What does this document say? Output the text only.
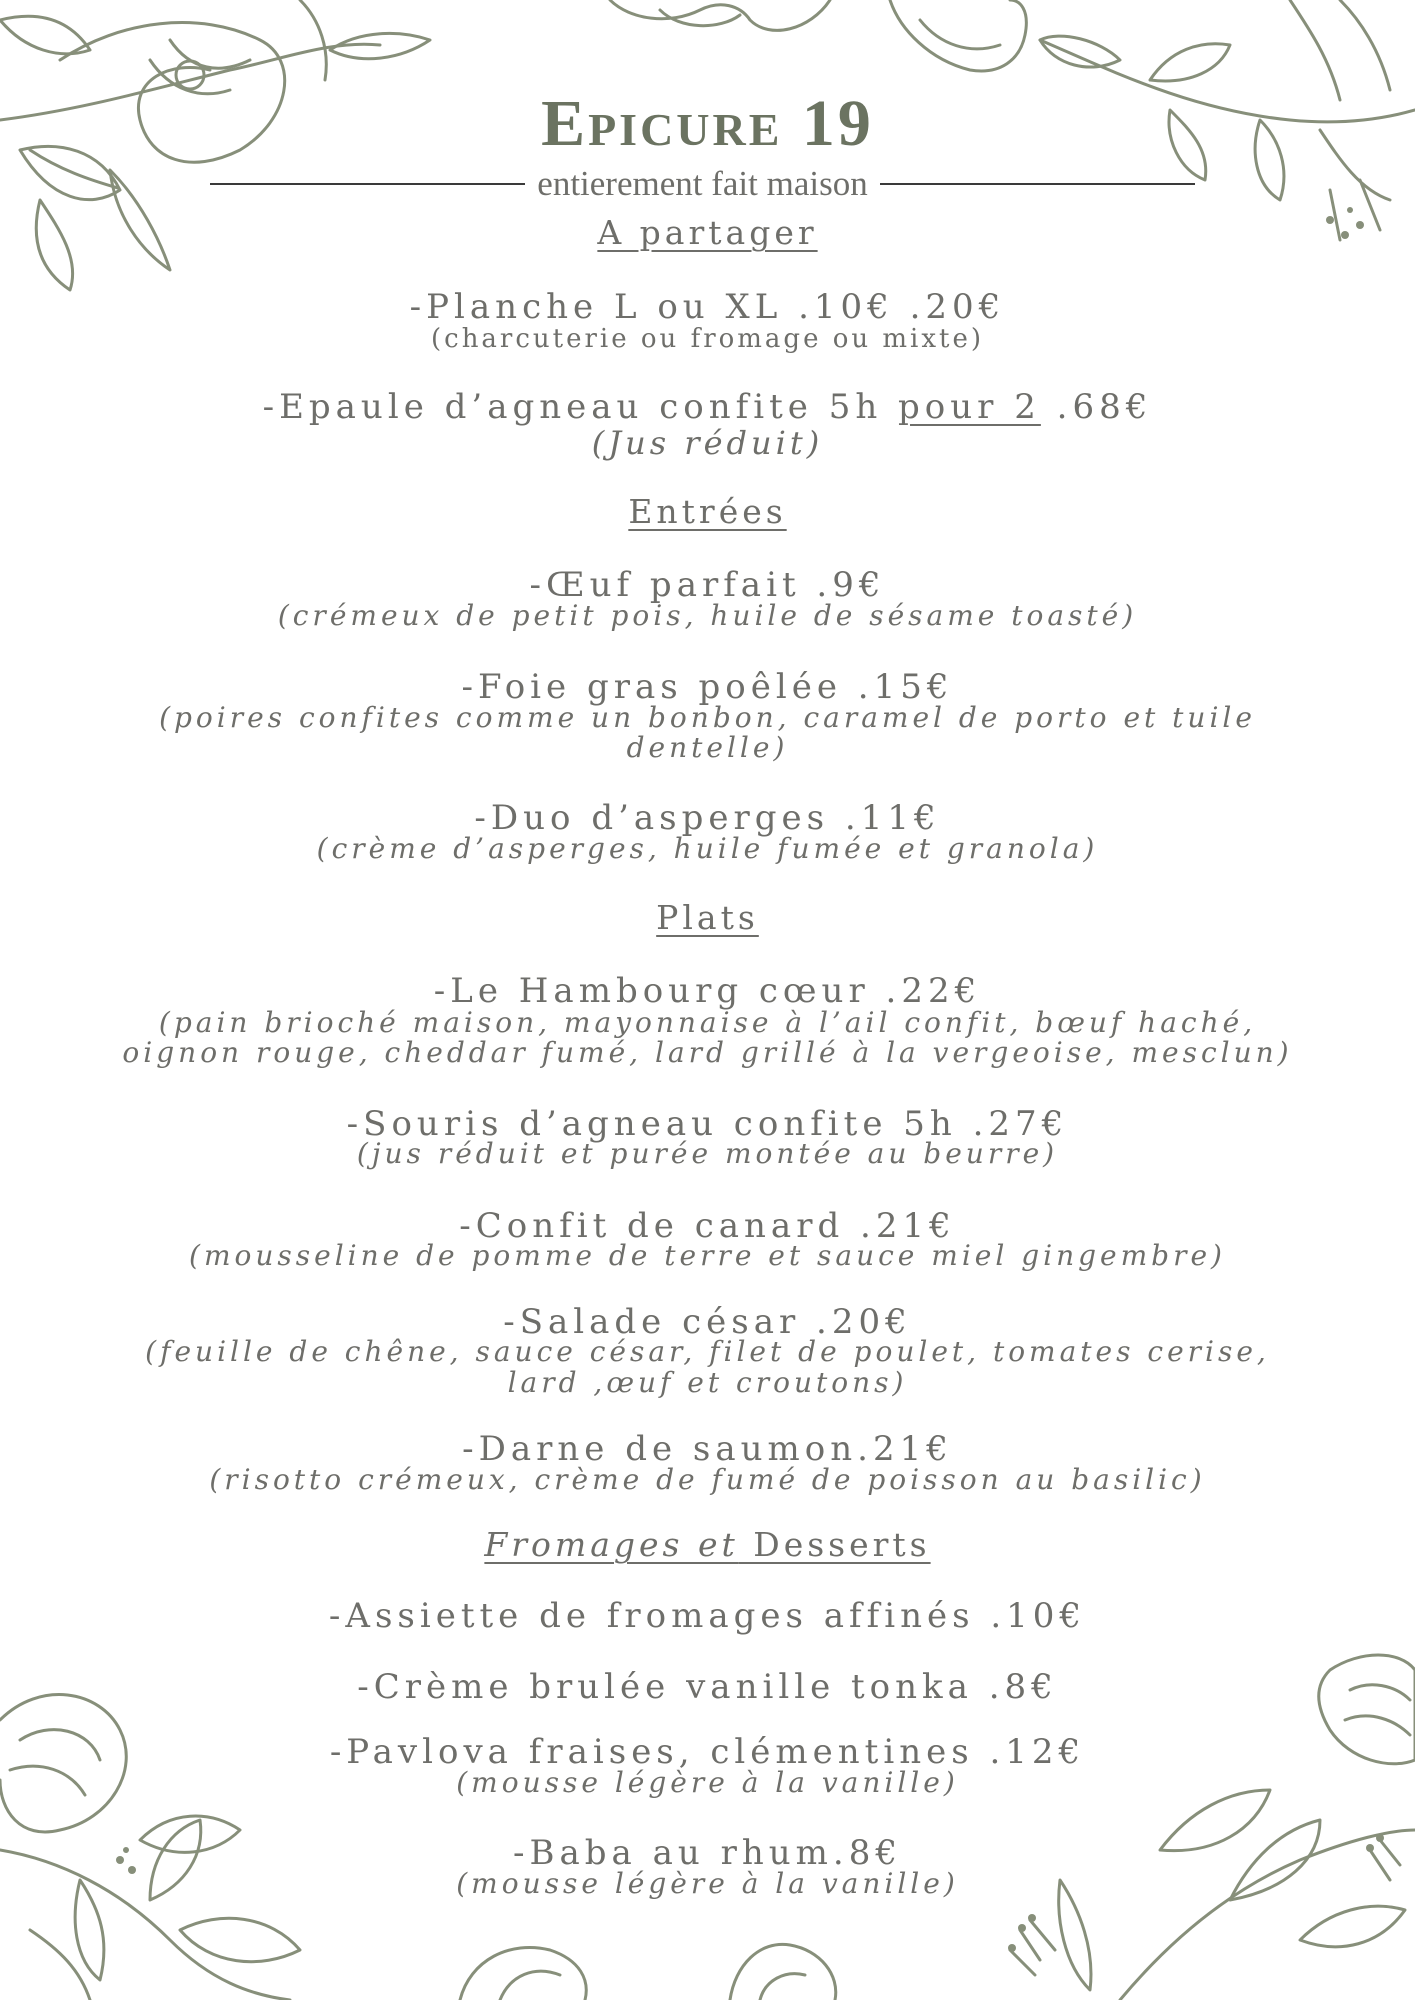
Epicure 19
entierement fait maison
A partager
-Planche L ou XL .10€ .20€
(charcuterie ou fromage ou mixte)
-Epaule d’agneau confite 5h pour 2 .68€
(Jus réduit)
Entrées
-Œuf parfait .9€
(crémeux de petit pois, huile de sésame toasté)
-Foie gras poêlée .15€
(poires confites comme un bonbon, caramel de porto et tuile
dentelle)
-Duo d’asperges .11€
(crème d’asperges, huile fumée et granola)
Plats
-Le Hambourg cœur .22€
(pain brioché maison, mayonnaise à l’ail confit, bœuf haché,
oignon rouge, cheddar fumé, lard grillé à la vergeoise, mesclun)
-Souris d’agneau confite 5h .27€
(jus réduit et purée montée au beurre)
-Confit de canard .21€
(mousseline de pomme de terre et sauce miel gingembre)
-Salade césar .20€
(feuille de chêne, sauce césar, filet de poulet, tomates cerise,
lard ,œuf et croutons)
-Darne de saumon.21€
(risotto crémeux, crème de fumé de poisson au basilic)
Fromages et Desserts
-Assiette de fromages affinés .10€
-Crème brulée vanille tonka .8€
-Pavlova fraises, clémentines .12€
(mousse légère à la vanille)
-Baba au rhum.8€
(mousse légère à la vanille)
